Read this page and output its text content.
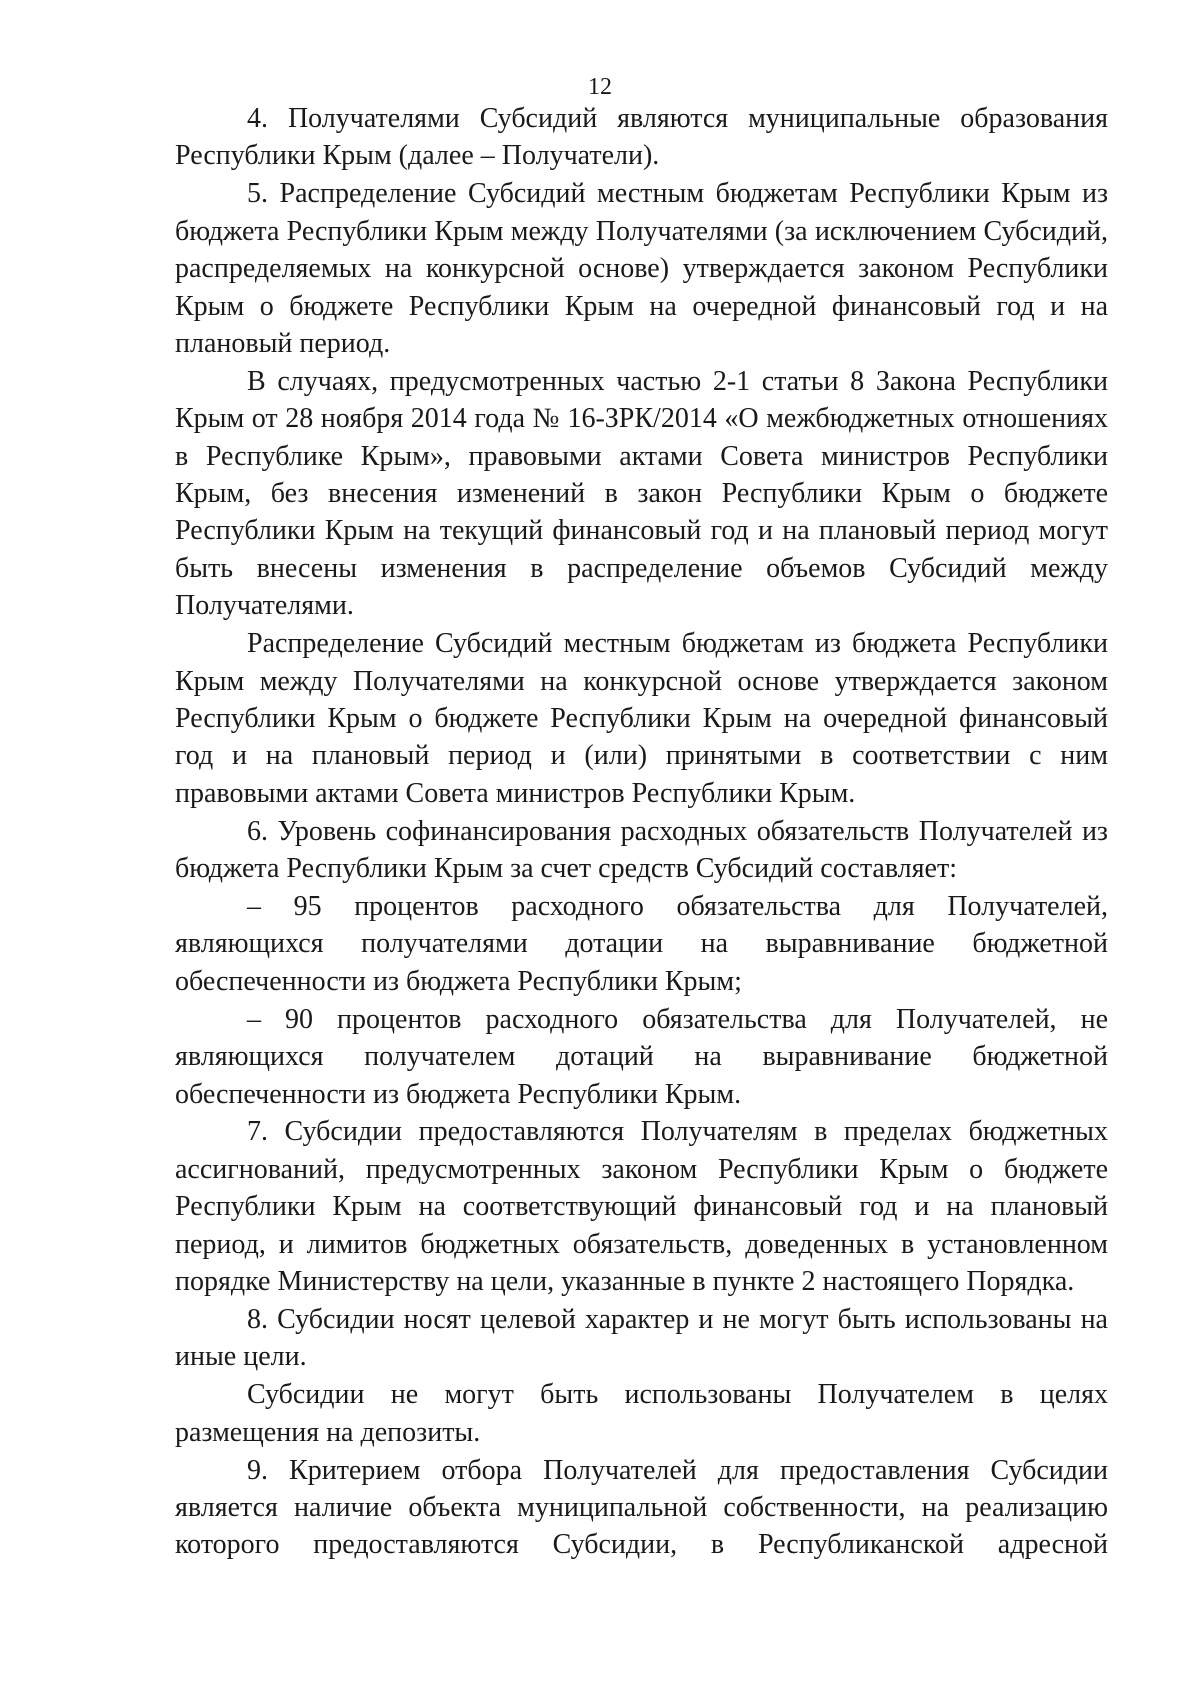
12

4. Получателями Субсидий являются муниципальные образования Республики Крым (далее – Получатели).

5. Распределение Субсидий местным бюджетам Республики Крым из бюджета Республики Крым между Получателями (за исключением Субсидий, распределяемых на конкурсной основе) утверждается законом Республики Крым о бюджете Республики Крым на очередной финансовый год и на плановый период.

В случаях, предусмотренных частью 2-1 статьи 8 Закона Республики Крым от 28 ноября 2014 года № 16-ЗРК/2014 «О межбюджетных отношениях в Республике Крым», правовыми актами Совета министров Республики Крым, без внесения изменений в закон Республики Крым о бюджете Республики Крым на текущий финансовый год и на плановый период могут быть внесены изменения в распределение объемов Субсидий между Получателями.

Распределение Субсидий местным бюджетам из бюджета Республики Крым между Получателями на конкурсной основе утверждается законом Республики Крым о бюджете Республики Крым на очередной финансовый год и на плановый период и (или) принятыми в соответствии с ним правовыми актами Совета министров Республики Крым.

6. Уровень софинансирования расходных обязательств Получателей из бюджета Республики Крым за счет средств Субсидий составляет:

– 95 процентов расходного обязательства для Получателей, являющихся получателями дотации на выравнивание бюджетной обеспеченности из бюджета Республики Крым;

– 90 процентов расходного обязательства для Получателей, не являющихся получателем дотаций на выравнивание бюджетной обеспеченности из бюджета Республики Крым.

7. Субсидии предоставляются Получателям в пределах бюджетных ассигнований, предусмотренных законом Республики Крым о бюджете Республики Крым на соответствующий финансовый год и на плановый период, и лимитов бюджетных обязательств, доведенных в установленном порядке Министерству на цели, указанные в пункте 2 настоящего Порядка.

8. Субсидии носят целевой характер и не могут быть использованы на иные цели.

Субсидии не могут быть использованы Получателем в целях размещения на депозиты.

9. Критерием отбора Получателей для предоставления Субсидии является наличие объекта муниципальной собственности, на реализацию которого предоставляются Субсидии, в Республиканской адресной
